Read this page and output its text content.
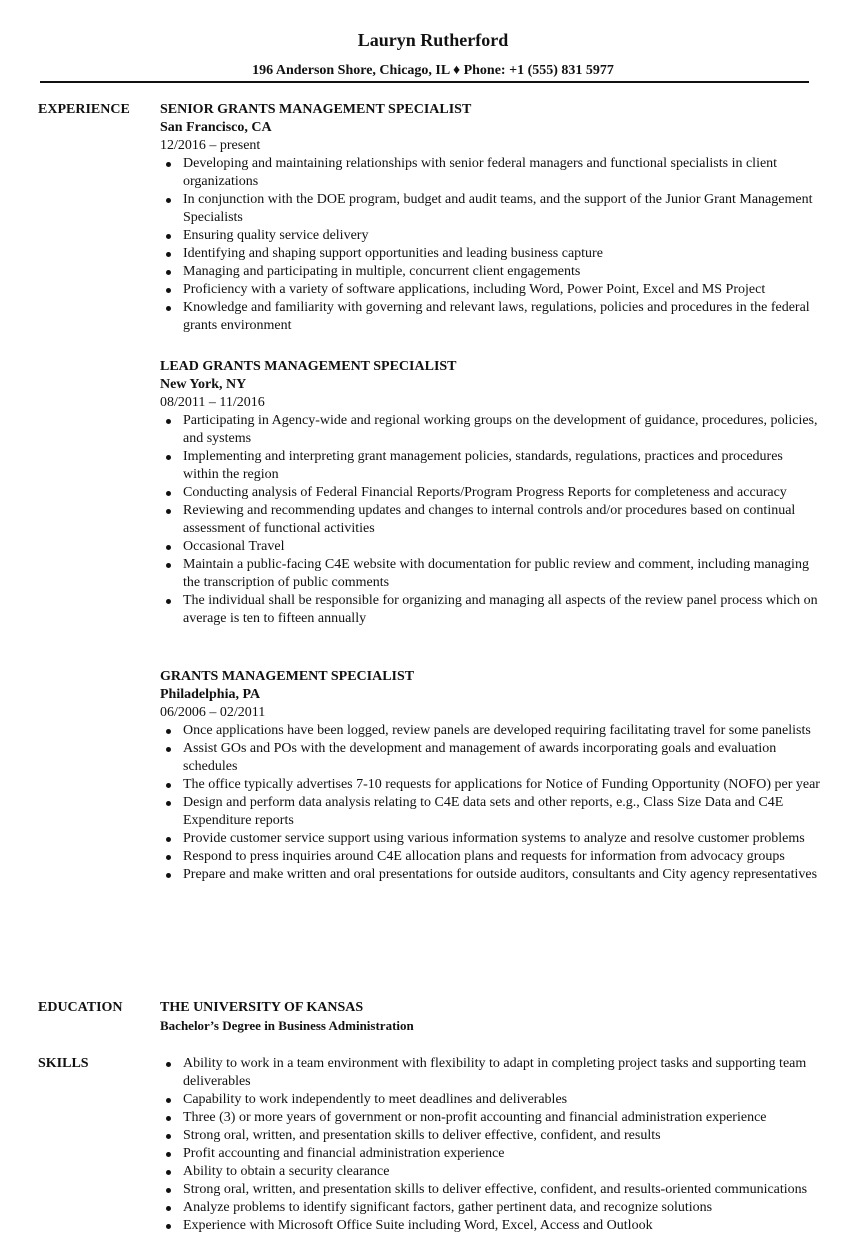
Lauryn Rutherford
196 Anderson Shore, Chicago, IL ♦ Phone: +1 (555) 831 5977
EXPERIENCE SENIOR GRANTS MANAGEMENT SPECIALIST
San Francisco, CA
12/2016 – present
Developing and maintaining relationships with senior federal managers and functional specialists in client organizations
In conjunction with the DOE program, budget and audit teams, and the support of the Junior Grant Management Specialists
Ensuring quality service delivery
Identifying and shaping support opportunities and leading business capture
Managing and participating in multiple, concurrent client engagements
Proficiency with a variety of software applications, including Word, Power Point, Excel and MS Project
Knowledge and familiarity with governing and relevant laws, regulations, policies and procedures in the federal grants environment
LEAD GRANTS MANAGEMENT SPECIALIST
New York, NY
08/2011 – 11/2016
Participating in Agency-wide and regional working groups on the development of guidance, procedures, policies, and systems
Implementing and interpreting grant management policies, standards, regulations, practices and procedures within the region
Conducting analysis of Federal Financial Reports/Program Progress Reports for completeness and accuracy
Reviewing and recommending updates and changes to internal controls and/or procedures based on continual assessment of functional activities
Occasional Travel
Maintain a public-facing C4E website with documentation for public review and comment, including managing the transcription of public comments
The individual shall be responsible for organizing and managing all aspects of the review panel process which on average is ten to fifteen annually
GRANTS MANAGEMENT SPECIALIST
Philadelphia, PA
06/2006 – 02/2011
Once applications have been logged, review panels are developed requiring facilitating travel for some panelists
Assist GOs and POs with the development and management of awards incorporating goals and evaluation schedules
The office typically advertises 7-10 requests for applications for Notice of Funding Opportunity (NOFO) per year
Design and perform data analysis relating to C4E data sets and other reports, e.g., Class Size Data and C4E Expenditure reports
Provide customer service support using various information systems to analyze and resolve customer problems
Respond to press inquiries around C4E allocation plans and requests for information from advocacy groups
Prepare and make written and oral presentations for outside auditors, consultants and City agency representatives
EDUCATION	THE UNIVERSITY OF KANSAS
Bachelor’s Degree in Business Administration
SKILLS	Ability to work in a team environment with flexibility to adapt in completing project tasks and supporting team deliverables
Capability to work independently to meet deadlines and deliverables
Three (3) or more years of government or non-profit accounting and financial administration experience
Strong oral, written, and presentation skills to deliver effective, confident, and results
Profit accounting and financial administration experience
Ability to obtain a security clearance
Strong oral, written, and presentation skills to deliver effective, confident, and results-oriented communications
Analyze problems to identify significant factors, gather pertinent data, and recognize solutions
Experience with Microsoft Office Suite including Word, Excel, Access and Outlook
